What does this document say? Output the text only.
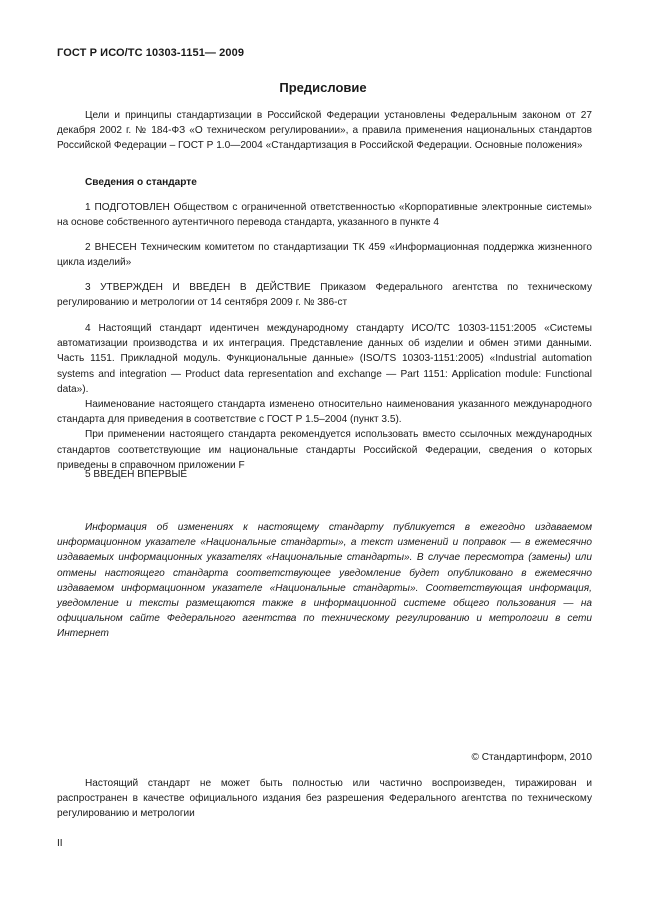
ГОСТ Р ИСО/ТС 10303-1151— 2009
Предисловие

Цели и принципы стандартизации в Российской Федерации установлены Федеральным законом от 27 декабря 2002 г. № 184-ФЗ «О техническом регулировании», а правила применения национальных стандартов Российской Федерации – ГОСТ Р 1.0—2004 «Стандартизация в Российской Федерации. Основные положения»

Сведения о стандарте

1 ПОДГОТОВЛЕН Обществом с ограниченной ответственностью «Корпоративные электронные системы» на основе собственного аутентичного перевода стандарта, указанного в пункте 4

2 ВНЕСЕН Техническим комитетом по стандартизации ТК 459 «Информационная поддержка жизненного цикла изделий»

3 УТВЕРЖДЕН И ВВЕДЕН В ДЕЙСТВИЕ Приказом Федерального агентства по техническому регулированию и метрологии от 14 сентября 2009 г. № 386-ст

4 Настоящий стандарт идентичен международному стандарту ИСО/ТС 10303-1151:2005 «Системы автоматизации производства и их интеграция. Представление данных об изделии и обмен этими данными. Часть 1151. Прикладной модуль. Функциональные данные» (ISO/TS 10303-1151:2005) «Industrial automation systems and integration — Product data representation and exchange — Part 1151: Application module: Functional data»).

Наименование настоящего стандарта изменено относительно наименования указанного международного стандарта для приведения в соответствие с ГОСТ Р 1.5–2004 (пункт 3.5).

При применении настоящего стандарта рекомендуется использовать вместо ссылочных международных стандартов соответствующие им национальные стандарты Российской Федерации, сведения о которых приведены в справочном приложении F

5 ВВЕДЕН ВПЕРВЫЕ

Информация об изменениях к настоящему стандарту публикуется в ежегодно издаваемом информационном указателе «Национальные стандарты», а текст изменений и поправок — в ежемесячно издаваемых информационных указателях «Национальные стандарты». В случае пересмотра (замены) или отмены настоящего стандарта соответствующее уведомление будет опубликовано в ежемесячно издаваемом информационном указателе «Национальные стандарты». Соответствующая информация, уведомление и тексты размещаются также в информационной системе общего пользования — на официальном сайте Федерального агентства по техническому регулированию и метрологии в сети Интернет

© Стандартинформ, 2010

Настоящий стандарт не может быть полностью или частично воспроизведен, тиражирован и распространен в качестве официального издания без разрешения Федерального агентства по техническому регулированию и метрологии

II
